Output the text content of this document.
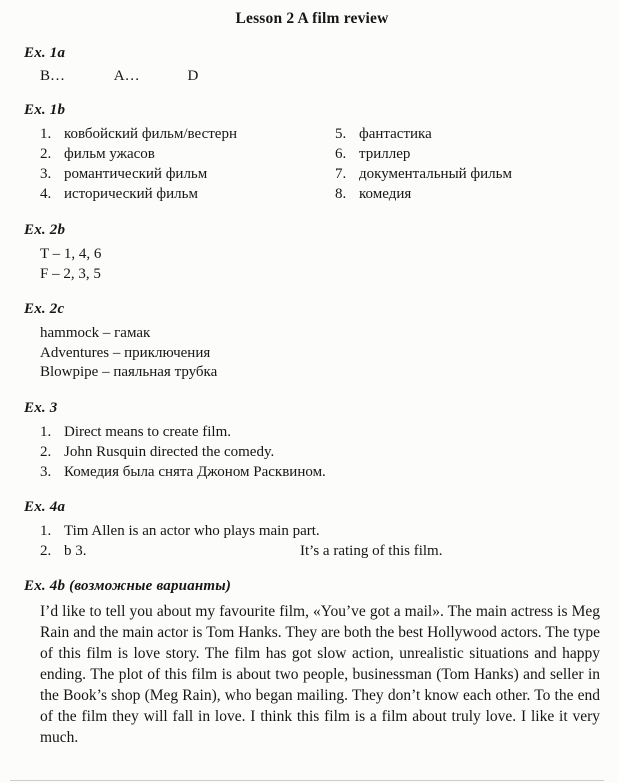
Lesson 2 A film review
Ex. 1a
B…	A…	D
Ex. 1b
1. ковбойский фильм/вестерн
2. фильм ужасов
3. романтический фильм
4. исторический фильм
5. фантастика
6. триллер
7. документальный фильм
8. комедия
Ex. 2b
T – 1, 4, 6
F – 2, 3, 5
Ex. 2c
hammock – гамак
Adventures – приключения
Blowpipe – паяльная трубка
Ex. 3
1. Direct means to create film.
2. John Rusquin directed the comedy.
3. Комедия была снята Джоном Расквином.
Ex. 4a
1. Tim Allen is an actor who plays main part.
2. b 3.	It’s a rating of this film.
Ex. 4b (возможные варианты)
I’d like to tell you about my favourite film, «You’ve got a mail». The main actress is Meg Rain and the main actor is Tom Hanks. They are both the best Hollywood actors. The type of this film is love story. The film has got slow action, unrealistic situations and happy ending. The plot of this film is about two people, businessman (Tom Hanks) and seller in the Book’s shop (Meg Rain), who began mailing. They don’t know each other. To the end of the film they will fall in love. I think this film is a film about truly love. I like it very much.
